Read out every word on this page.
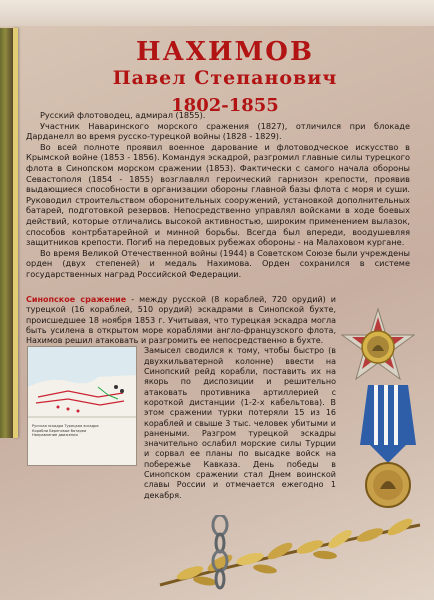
НАХИМОВ
Павел Степанович
1802-1855

Русский флотоводец, адмирал (1855).

Участник Наваринского морского сражения (1827), отличился при блокаде Дарданелл во время русско-турецкой войны (1828 - 1829).

Во всей полноте проявил военное дарование и флотоводческое искусство в Крымской войне (1853 - 1856). Командуя эскадрой, разгромил главные силы турецкого флота в Синопском морском сражении (1853). Фактически с самого начала обороны Севастополя (1854 - 1855) возглавлял героический гарнизон крепости, проявив выдающиеся способности в организации обороны главной базы флота с моря и суши. Руководил строительством оборонительных сооружений, установкой дополнительных батарей, подготовкой резервов. Непосредственно управлял войсками в ходе боевых действий, которые отличались высокой активностью, широким применением вылазок, способов контрбатарейной и минной борьбы. Всегда был впереди, воодушевляя защитников крепости. Погиб на передовых рубежах обороны - на Малаховом кургане.

Во время Великой Отечественной войны (1944) в Советском Союзе были учреждены орден (двух степеней) и медаль Нахимова. Орден сохранился в системе государственных наград Российской Федерации.

Синопское сражение - между русской (8 кораблей, 720 орудий) и турецкой (16 кораблей, 510 орудий) эскадрами в Синопской бухте, происшедшее 18 ноября 1853 г. Учитывая, что турецкая эскадра могла быть усилена в открытом море кораблями англо-французского флота, Нахимов решил атаковать и разгромить ее непосредственно в бухте.
Замысел сводился к тому, чтобы быстро (в двухкильватерной колонне) ввести на Синопский рейд корабли, поставить их на якорь по диспозиции и решительно атаковать противника артиллерией с короткой дистанции (1-2-х кабельтова). В этом сражении турки потеряли 15 из 16 кораблей и свыше 3 тыс. человек убитыми и ранеными. Разгром турецкой эскадры значительно ослабил морские силы Турции и сорвал ее планы по высадке войск на побережье Кавказа. День победы в Синопском сражении стал Днем воинской славы России и отмечается ежегодно 1 декабря.
Русская эскадра Турецкая эскадра
Корабли Береговые батареи
Направление движения
